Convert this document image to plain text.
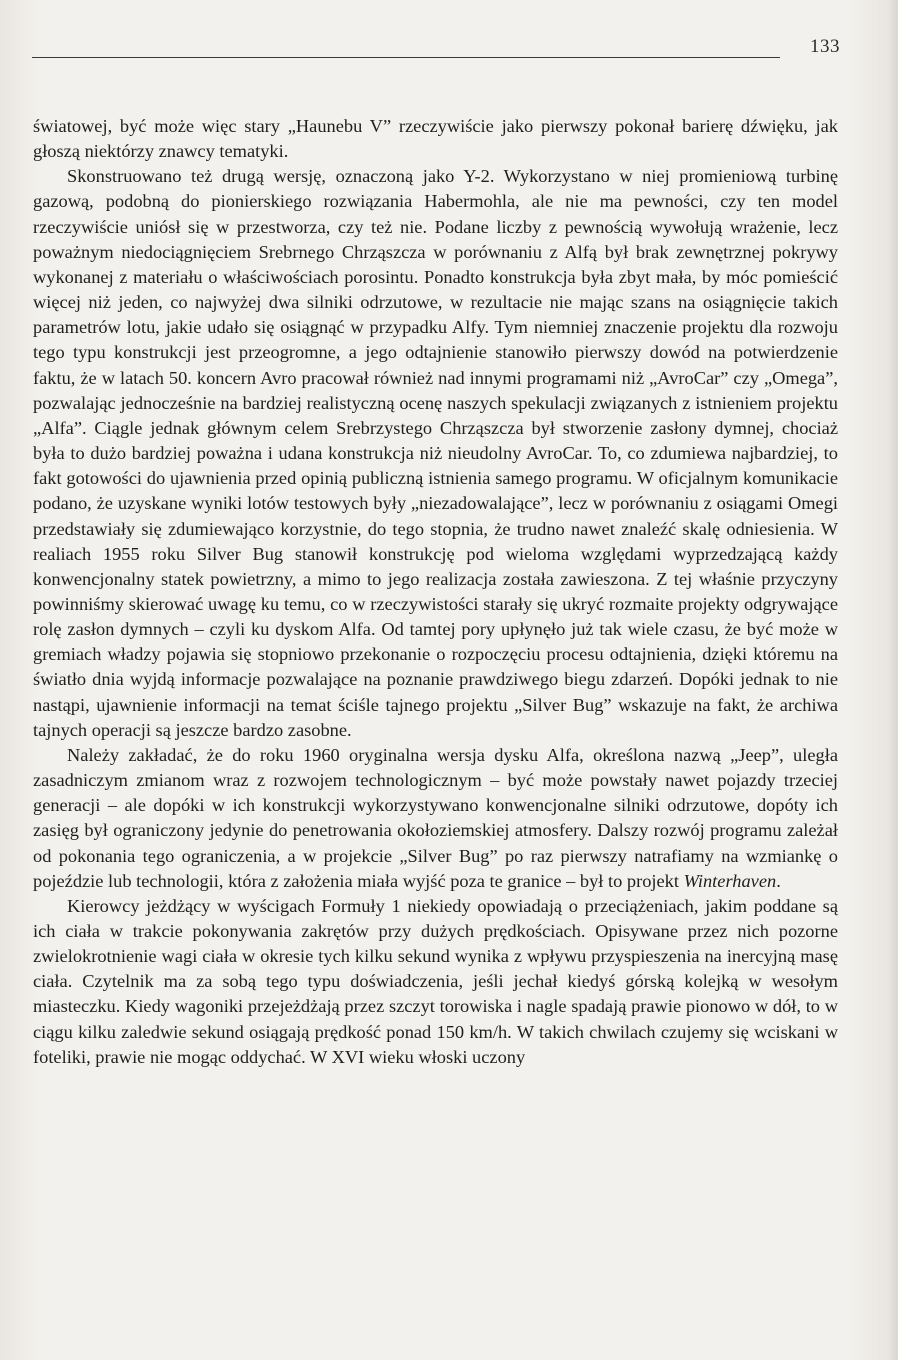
133

światowej, być może więc stary „Haunebu V” rzeczywiście jako pierwszy pokonał barierę dźwięku, jak głoszą niektórzy znawcy tematyki.

Skonstruowano też drugą wersję, oznaczoną jako Y-2. Wykorzystano w niej promieniową turbinę gazową, podobną do pionierskiego rozwiązania Habermohla, ale nie ma pewności, czy ten model rzeczywiście uniósł się w przestworza, czy też nie. Podane liczby z pewnością wywołują wrażenie, lecz poważnym niedociągnięciem Srebrnego Chrząszcza w porównaniu z Alfą był brak zewnętrznej pokrywy wykonanej z materiału o właściwościach porosintu. Ponadto konstrukcja była zbyt mała, by móc pomieścić więcej niż jeden, co najwyżej dwa silniki odrzutowe, w rezultacie nie mając szans na osiągnięcie takich parametrów lotu, jakie udało się osiągnąć w przypadku Alfy. Tym niemniej znaczenie projektu dla rozwoju tego typu konstrukcji jest przeogromne, a jego odtajnienie stanowiło pierwszy dowód na potwierdzenie faktu, że w latach 50. koncern Avro pracował również nad innymi programami niż „AvroCar” czy „Omega”, pozwalając jednocześnie na bardziej realistyczną ocenę naszych spekulacji związanych z istnieniem projektu „Alfa”. Ciągle jednak głównym celem Srebrzystego Chrząszcza był stworzenie zasłony dymnej, chociaż była to dużo bardziej poważna i udana konstrukcja niż nieudolny AvroCar. To, co zdumiewa najbardziej, to fakt gotowości do ujawnienia przed opinią publiczną istnienia samego programu. W oficjalnym komunikacie podano, że uzyskane wyniki lotów testowych były „niezadowalające”, lecz w porównaniu z osiągami Omegi przedstawiały się zdumiewająco korzystnie, do tego stopnia, że trudno nawet znaleźć skalę odniesienia. W realiach 1955 roku Silver Bug stanowił konstrukcję pod wieloma względami wyprzedzającą każdy konwencjonalny statek powietrzny, a mimo to jego realizacja została zawieszona. Z tej właśnie przyczyny powinniśmy skierować uwagę ku temu, co w rzeczywistości starały się ukryć rozmaite projekty odgrywające rolę zasłon dymnych – czyli ku dyskom Alfa. Od tamtej pory upłynęło już tak wiele czasu, że być może w gremiach władzy pojawia się stopniowo przekonanie o rozpoczęciu procesu odtajnienia, dzięki któremu na światło dnia wyjdą informacje pozwalające na poznanie prawdziwego biegu zdarzeń. Dopóki jednak to nie nastąpi, ujawnienie informacji na temat ściśle tajnego projektu „Silver Bug” wskazuje na fakt, że archiwa tajnych operacji są jeszcze bardzo zasobne.

Należy zakładać, że do roku 1960 oryginalna wersja dysku Alfa, określona nazwą „Jeep”, uległa zasadniczym zmianom wraz z rozwojem technologicznym – być może powstały nawet pojazdy trzeciej generacji – ale dopóki w ich konstrukcji wykorzystywano konwencjonalne silniki odrzutowe, dopóty ich zasięg był ograniczony jedynie do penetrowania okołoziemskiej atmosfery. Dalszy rozwój programu zależał od pokonania tego ograniczenia, a w projekcie „Silver Bug” po raz pierwszy natrafiamy na wzmiankę o pojeździe lub technologii, która z założenia miała wyjść poza te granice – był to projekt Winterhaven.

Kierowcy jeżdżący w wyścigach Formuły 1 niekiedy opowiadają o przeciążeniach, jakim poddane są ich ciała w trakcie pokonywania zakrętów przy dużych prędkościach. Opisywane przez nich pozorne zwielokrotnienie wagi ciała w okresie tych kilku sekund wynika z wpływu przyspieszenia na inercyjną masę ciała. Czytelnik ma za sobą tego typu doświadczenia, jeśli jechał kiedyś górską kolejką w wesołym miasteczku. Kiedy wagoniki przejeżdżają przez szczyt torowiska i nagle spadają prawie pionowo w dół, to w ciągu kilku zaledwie sekund osiągają prędkość ponad 150 km/h. W takich chwilach czujemy się wciskani w foteliki, prawie nie mogąc oddychać. W XVI wieku włoski uczony
